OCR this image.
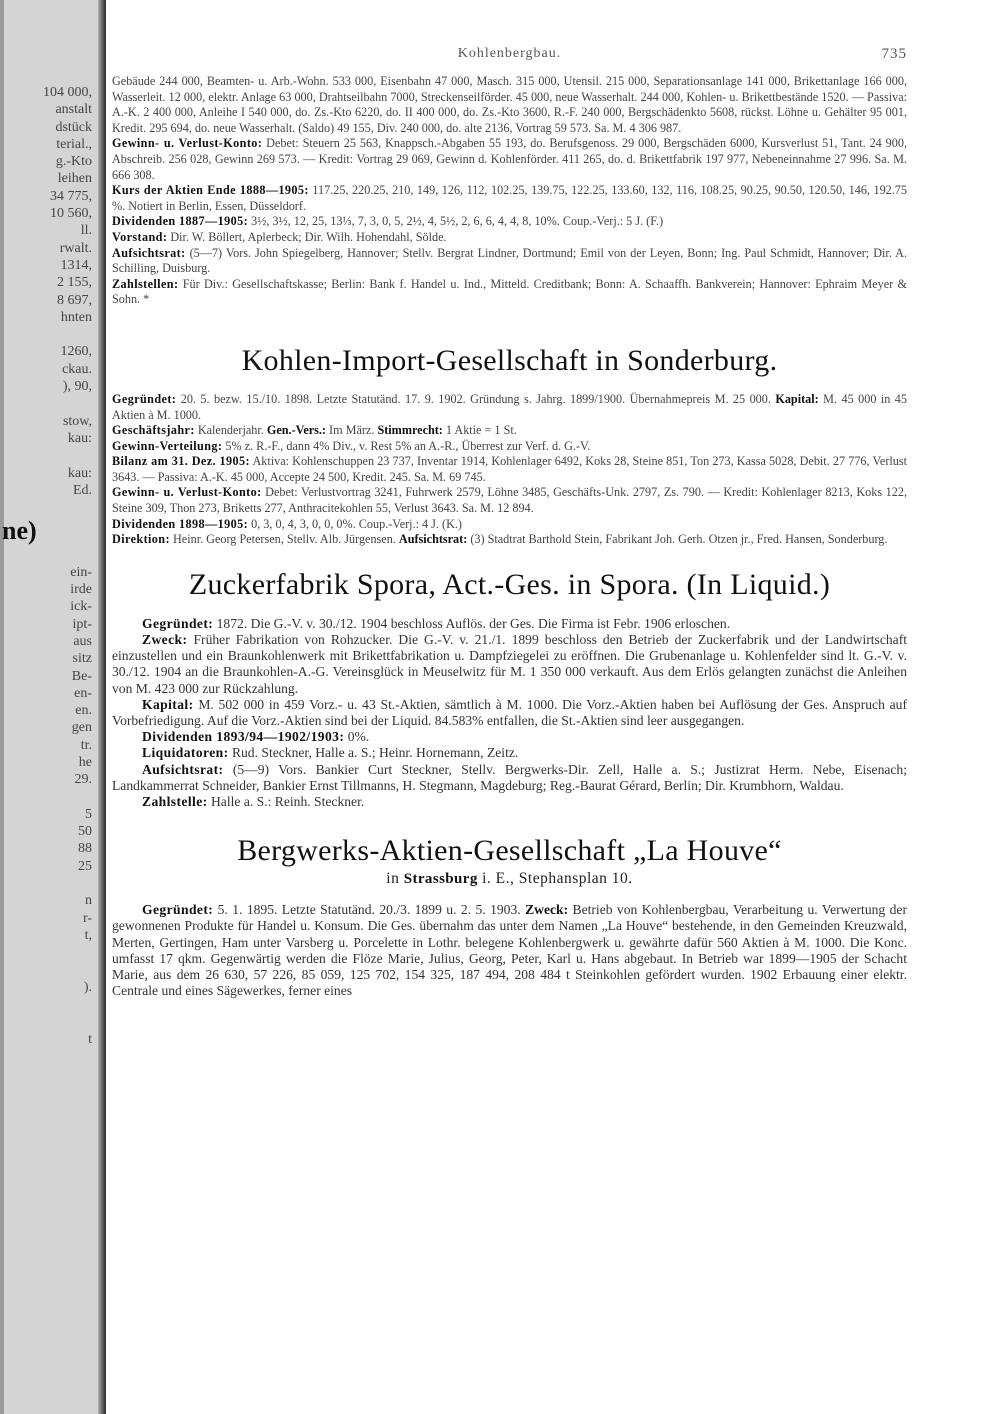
104 000,
anstalt
dstück
terial.,
g.-Kto
leihen
34 775,
10 560,
ll.
rwalt.
1314,
2 155,
8 697,
hnten
1260,
ckau.
), 90,
stow,
kau:
kau:
Ed.
ne)
ein-
irde
ick-
ipt-
aus
sitz
Be-
en-
en.
gen
tr.
he
29.
5
50
88
25
n
r-
t,
).
t
Kohlenbergbau.	735

Gebäude 244 000, Beamten- u. Arb.-Wohn. 533 000, Eisenbahn 47 000, Masch. 315 000, Utensil. 215 000, Separationsanlage 141 000, Brikettanlage 166 000, Wasserleit. 12 000, elektr. Anlage 63 000, Drahtseilbahn 7000, Streckenseilförder. 45 000, neue Wasserhalt. 244 000, Kohlen- u. Brikettbestände 1520. — Passiva: A.-K. 2 400 000, Anleihe I 540 000, do. Zs.-Kto 6220, do. II 400 000, do. Zs.-Kto 3600, R.-F. 240 000, Bergschädenkto 5608, rückst. Löhne u. Gehälter 95 001, Kredit. 295 694, do. neue Wasserhalt. (Saldo) 49 155, Div. 240 000, do. alte 2136, Vortrag 59 573. Sa. M. 4 306 987.

Gewinn- u. Verlust-Konto: Debet: Steuern 25 563, Knappsch.-Abgaben 55 193, do. Berufsgenoss. 29 000, Bergschäden 6000, Kursverlust 51, Tant. 24 900, Abschreib. 256 028, Gewinn 269 573. — Kredit: Vortrag 29 069, Gewinn d. Kohlenförder. 411 265, do. d. Brikettfabrik 197 977, Nebeneinnahme 27 996. Sa. M. 666 308.

Kurs der Aktien Ende 1888—1905: 117.25, 220.25, 210, 149, 126, 112, 102.25, 139.75, 122.25, 133.60, 132, 116, 108.25, 90.25, 90.50, 120.50, 146, 192.75 %. Notiert in Berlin, Essen, Düsseldorf.

Dividenden 1887—1905: 3½, 3½, 12, 25, 13⅓, 7, 3, 0, 5, 2½, 4, 5½, 2, 6, 6, 4, 4, 8, 10%. Coup.-Verj.: 5 J. (F.)

Vorstand: Dir. W. Böllert, Aplerbeck; Dir. Wilh. Hohendahl, Sölde.

Aufsichtsrat: (5—7) Vors. John Spiegelberg, Hannover; Stellv. Bergrat Lindner, Dortmund; Emil von der Leyen, Bonn; Ing. Paul Schmidt, Hannover; Dir. A. Schilling, Duisburg.

Zahlstellen: Für Div.: Gesellschaftskasse; Berlin: Bank f. Handel u. Ind., Mitteld. Creditbank; Bonn: A. Schaaffh. Bankverein; Hannover: Ephraim Meyer & Sohn. *

Kohlen-Import-Gesellschaft in Sonderburg.

Gegründet: 20. 5. bezw. 15./10. 1898. Letzte Statutänd. 17. 9. 1902. Gründung s. Jahrg. 1899/1900. Übernahmepreis M. 25 000. Kapital: M. 45 000 in 45 Aktien à M. 1000.

Geschäftsjahr: Kalenderjahr. Gen.-Vers.: Im März. Stimmrecht: 1 Aktie = 1 St.

Gewinn-Verteilung: 5% z. R.-F., dann 4% Div., v. Rest 5% an A.-R., Überrest zur Verf. d. G.-V.

Bilanz am 31. Dez. 1905: Aktiva: Kohlenschuppen 23 737, Inventar 1914, Kohlenlager 6492, Koks 28, Steine 851, Ton 273, Kassa 5028, Debit. 27 776, Verlust 3643. — Passiva: A.-K. 45 000, Accepte 24 500, Kredit. 245. Sa. M. 69 745.

Gewinn- u. Verlust-Konto: Debet: Verlustvortrag 3241, Fuhrwerk 2579, Löhne 3485, Geschäfts-Unk. 2797, Zs. 790. — Kredit: Kohlenlager 8213, Koks 122, Steine 309, Thon 273, Briketts 277, Anthracitekohlen 55, Verlust 3643. Sa. M. 12 894.

Dividenden 1898—1905: 0, 3, 0, 4, 3, 0, 0, 0%. Coup.-Verj.: 4 J. (K.)

Direktion: Heinr. Georg Petersen, Stellv. Alb. Jürgensen. Aufsichtsrat: (3) Stadtrat Barthold Stein, Fabrikant Joh. Gerh. Otzen jr., Fred. Hansen, Sonderburg.

Zuckerfabrik Spora, Act.-Ges. in Spora. (In Liquid.)

Gegründet: 1872. Die G.-V. v. 30./12. 1904 beschloss Auflös. der Ges. Die Firma ist Febr. 1906 erloschen.

Zweck: Früher Fabrikation von Rohzucker. Die G.-V. v. 21./1. 1899 beschloss den Betrieb der Zuckerfabrik und der Landwirtschaft einzustellen und ein Braunkohlenwerk mit Brikettfabrikation u. Dampfziegelei zu eröffnen. Die Grubenanlage u. Kohlenfelder sind lt. G.-V. v. 30./12. 1904 an die Braunkohlen-A.-G. Vereinsglück in Meuselwitz für M. 1 350 000 verkauft. Aus dem Erlös gelangten zunächst die Anleihen von M. 423 000 zur Rückzahlung.

Kapital: M. 502 000 in 459 Vorz.- u. 43 St.-Aktien, sämtlich à M. 1000. Die Vorz.-Aktien haben bei Auflösung der Ges. Anspruch auf Vorbefriedigung. Auf die Vorz.-Aktien sind bei der Liquid. 84.583% entfallen, die St.-Aktien sind leer ausgegangen.

Dividenden 1893/94—1902/1903: 0%.

Liquidatoren: Rud. Steckner, Halle a. S.; Heinr. Hornemann, Zeitz.

Aufsichtsrat: (5—9) Vors. Bankier Curt Steckner, Stellv. Bergwerks-Dir. Zell, Halle a. S.; Justizrat Herm. Nebe, Eisenach; Landkammerrat Schneider, Bankier Ernst Tillmanns, H. Stegmann, Magdeburg; Reg.-Baurat Gérard, Berlin; Dir. Krumbhorn, Waldau.

Zahlstelle: Halle a. S.: Reinh. Steckner.

Bergwerks-Aktien-Gesellschaft „La Houve“
in Strassburg i. E., Stephansplan 10.

Gegründet: 5. 1. 1895. Letzte Statutänd. 20./3. 1899 u. 2. 5. 1903. Zweck: Betrieb von Kohlenbergbau, Verarbeitung u. Verwertung der gewonnenen Produkte für Handel u. Konsum. Die Ges. übernahm das unter dem Namen „La Houve“ bestehende, in den Gemeinden Kreuzwald, Merten, Gertingen, Ham unter Varsberg u. Porcelette in Lothr. belegene Kohlenbergwerk u. gewährte dafür 560 Aktien à M. 1000. Die Konc. umfasst 17 qkm. Gegenwärtig werden die Flöze Marie, Julius, Georg, Peter, Karl u. Hans abgebaut. In Betrieb war 1899—1905 der Schacht Marie, aus dem 26 630, 57 226, 85 059, 125 702, 154 325, 187 494, 208 484 t Steinkohlen gefördert wurden. 1902 Erbauung einer elektr. Centrale und eines Sägewerkes, ferner eines
